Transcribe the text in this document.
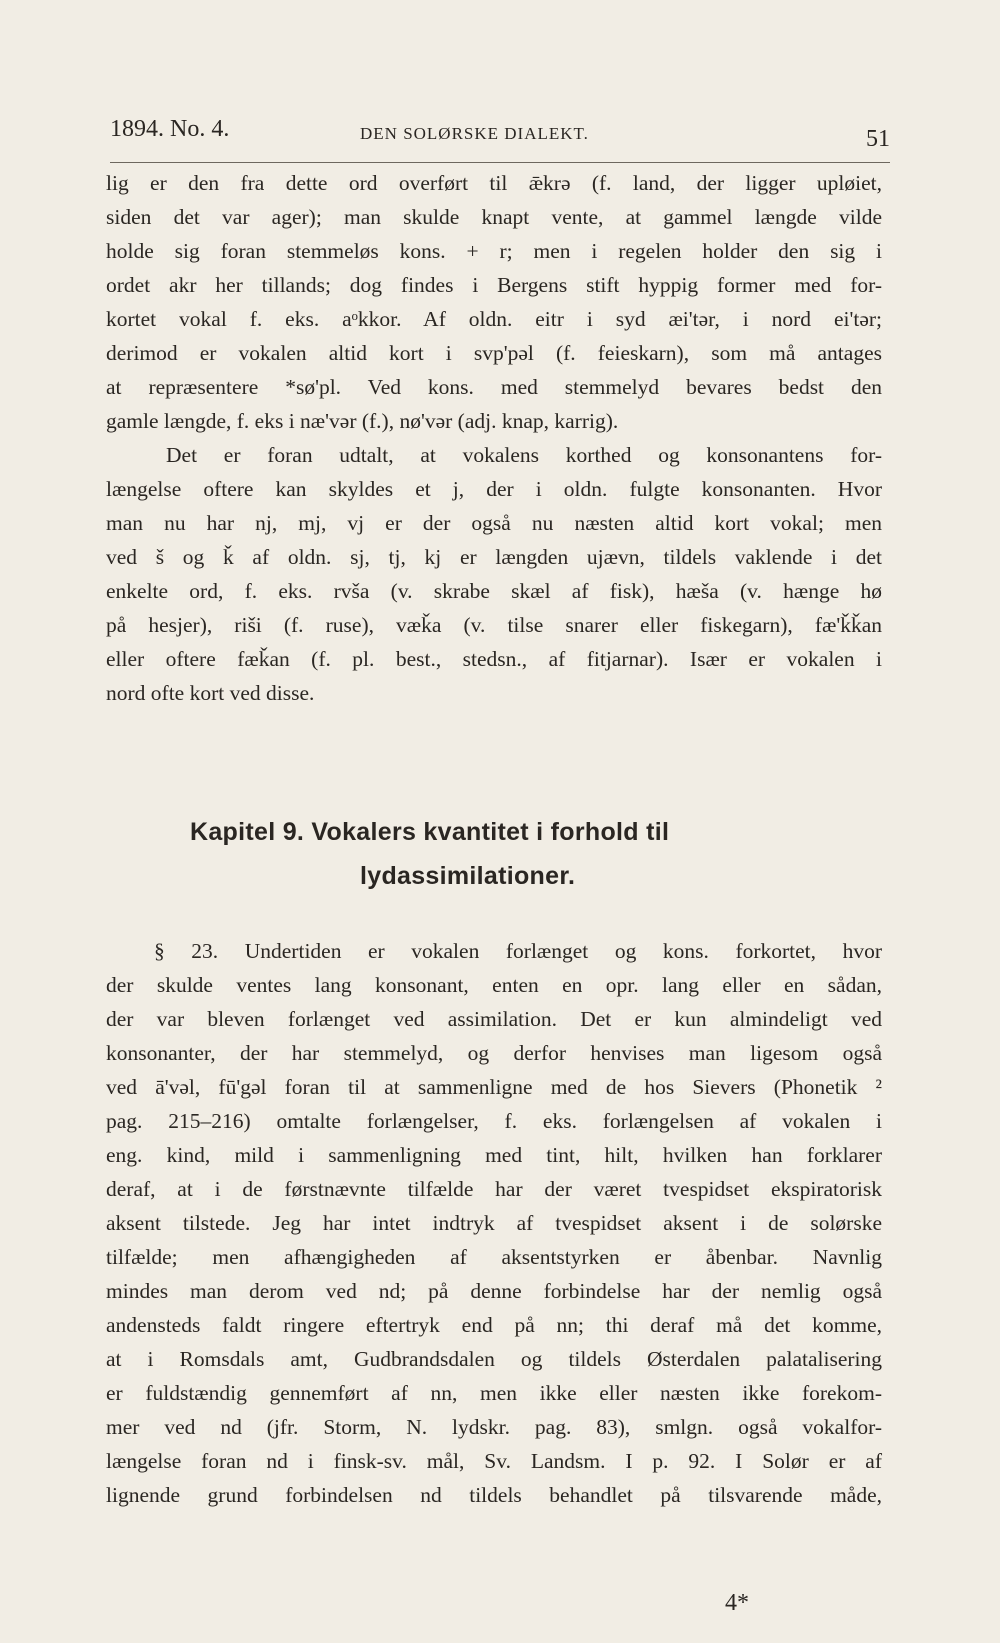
1894. No. 4.	DEN SOLØRSKE DIALEKT.	51
lig er den fra dette ord overført til ǣkrə (f. land, der ligger upløiet,
siden det var ager); man skulde knapt vente, at gammel længde vilde
holde sig foran stemmeløs kons. + r; men i regelen holder den sig i
ordet akr her tillands; dog findes i Bergens stift hyppig former med for-
kortet vokal f. eks. aᵒkkor. Af oldn. eitr i syd æi'tər, i nord ei'tər;
derimod er vokalen altid kort i svp'pəl (f. feieskarn), som må antages
at repræsentere *sø'pl. Ved kons. med stemmelyd bevares bedst den
gamle længde, f. eks i næ'vər (f.), nø'vər (adj. knap, karrig).
Det er foran udtalt, at vokalens korthed og konsonantens for-
længelse oftere kan skyldes et j, der i oldn. fulgte konsonanten. Hvor
man nu har nj, mj, vj er der også nu næsten altid kort vokal; men
ved š og ǩ af oldn. sj, tj, kj er længden ujævn, tildels vaklende i det
enkelte ord, f. eks. rvša (v. skrabe skæl af fisk), hæša (v. hænge hø
på hesjer), riši (f. ruse), væǩa (v. tilse snarer eller fiskegarn), fæ'ǩǩan
eller oftere fæǩan (f. pl. best., stedsn., af fitjarnar). Især er vokalen i
nord ofte kort ved disse.
Kapitel 9. Vokalers kvantitet i forhold til
lydassimilationer.
§ 23. Undertiden er vokalen forlænget og kons. forkortet, hvor
der skulde ventes lang konsonant, enten en opr. lang eller en sådan,
der var bleven forlænget ved assimilation. Det er kun almindeligt ved
konsonanter, der har stemmelyd, og derfor henvises man ligesom også
ved ā'vəl, fū'gəl foran til at sammenligne med de hos Sievers (Phonetik ²
pag. 215–216) omtalte forlængelser, f. eks. forlængelsen af vokalen i
eng. kind, mild i sammenligning med tint, hilt, hvilken han forklarer
deraf, at i de førstnævnte tilfælde har der været tvespidset ekspiratorisk
aksent tilstede. Jeg har intet indtryk af tvespidset aksent i de solørske
tilfælde; men afhængigheden af aksentstyrken er åbenbar. Navnlig
mindes man derom ved nd; på denne forbindelse har der nemlig også
andensteds faldt ringere eftertryk end på nn; thi deraf må det komme,
at i Romsdals amt, Gudbrandsdalen og tildels Østerdalen palatalisering
er fuldstændig gennemført af nn, men ikke eller næsten ikke forekom-
mer ved nd (jfr. Storm, N. lydskr. pag. 83), smlgn. også vokalfor-
længelse foran nd i finsk-sv. mål, Sv. Landsm. I p. 92. I Solør er af
lignende grund forbindelsen nd tildels behandlet på tilsvarende måde,
4*
